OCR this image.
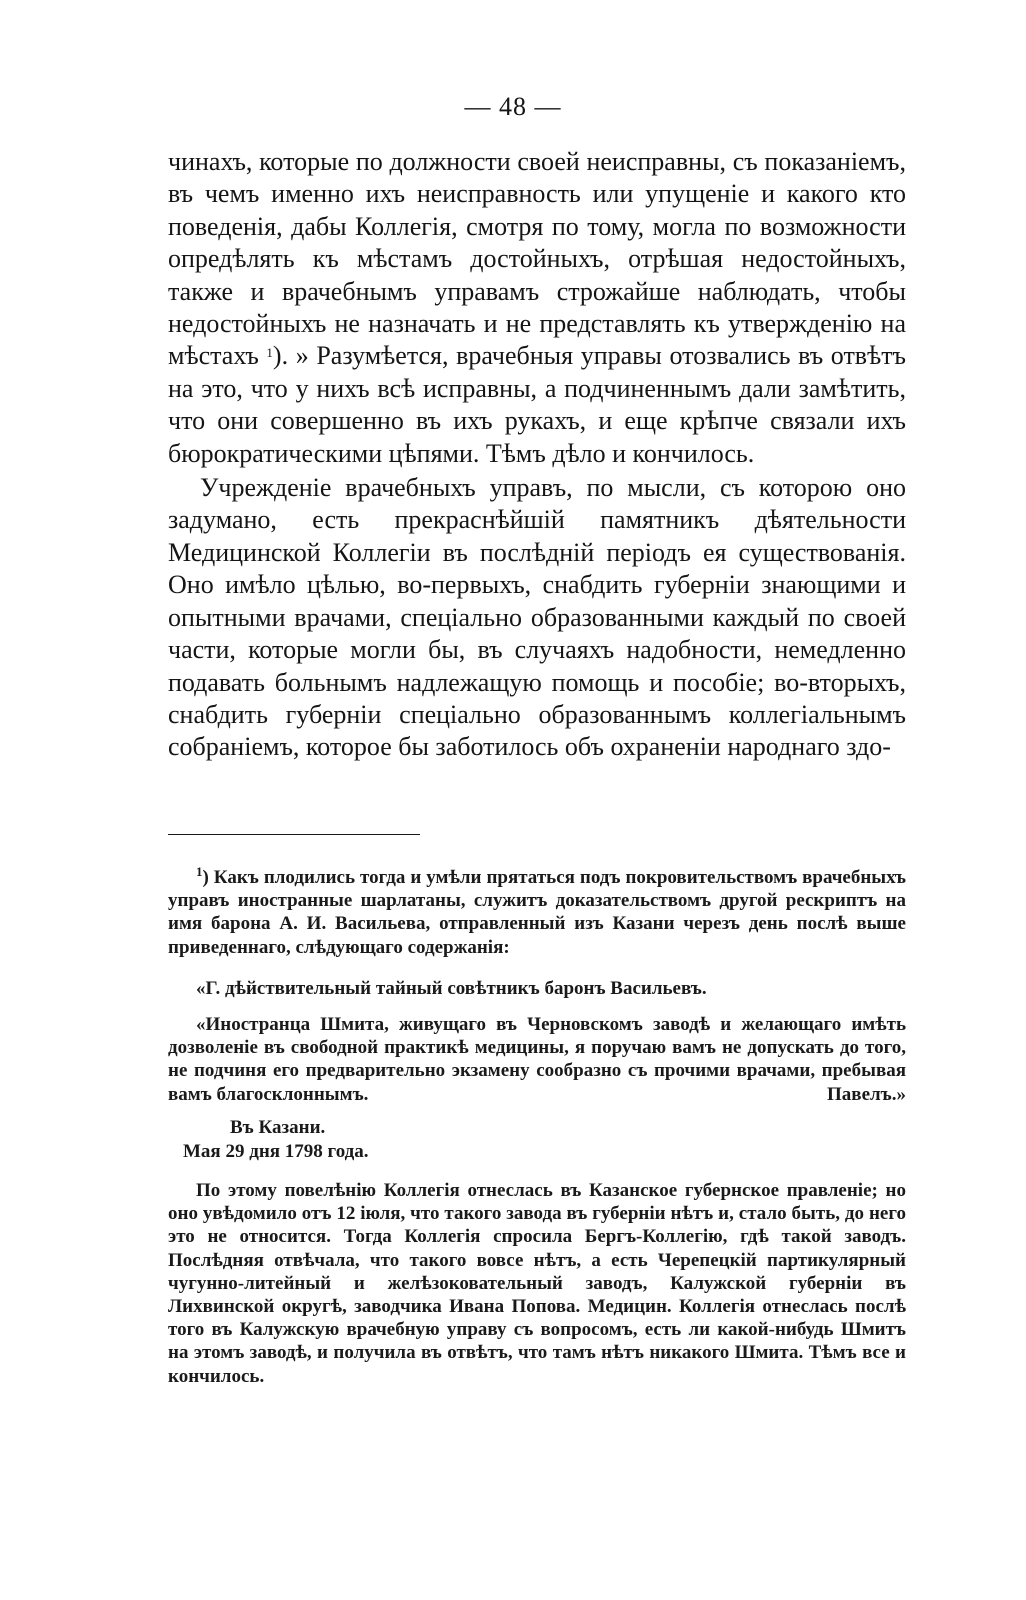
— 48 —

чинахъ, которые по должности своей неисправны, съ показаніемъ, въ чемъ именно ихъ неисправность или упущеніе и какого кто поведенія, дабы Коллегія, смотря по тому, могла по возможности опредѣлять къ мѣстамъ достойныхъ, отрѣшая недостойныхъ, также и врачебнымъ управамъ строжайше наблюдать, чтобы недостойныхъ не назначать и не представлять къ утвержденію на мѣстахъ $^1$). » Разумѣется, врачебныя управы отозвались въ отвѣтъ на это, что у нихъ всѣ исправны, а подчиненнымъ дали замѣтить, что они совершенно въ ихъ рукахъ, и еще крѣпче связали ихъ бюрократическими цѣпями. Тѣмъ дѣло и кончилось.

Учрежденіе врачебныхъ управъ, по мысли, съ которою оно задумано, есть прекраснѣйшій памятникъ дѣятельности Медицинской Коллегіи въ послѣдній періодъ ея существованія. Оно имѣло цѣлью, во-первыхъ, снабдить губерніи знающими и опытными врачами, спеціально образованными каждый по своей части, которые могли бы, въ случаяхъ надобности, немедленно подавать больнымъ надлежащую помощь и пособіе; во-вторыхъ, снабдить губерніи спеціально образованнымъ коллегіальнымъ собраніемъ, которое бы заботилось объ охраненіи народнаго здо-

$^1$) Какъ плодились тогда и умѣли прятаться подъ покровительствомъ врачебныхъ управъ иностранные шарлатаны, служитъ доказательствомъ другой рескриптъ на имя барона А. И. Васильева, отправленный изъ Казани черезъ день послѣ выше приведеннаго, слѣдующаго содержанія:

«Г. дѣйствительный тайный совѣтникъ баронъ Васильевъ.

«Иностранца Шмита, живущаго въ Черновскомъ заводѣ и желающаго имѣть дозволеніе въ свободной практикѣ медицины, я поручаю вамъ не допускать до того, не подчиня его предварительно экзамену сообразно съ прочими врачами, пребывая вамъ благосклоннымъ.	Павелъ.»

Въ Казани.
Мая 29 дня 1798 года.

По этому повелѣнію Коллегія отнеслась въ Казанское губернское правленіе; но оно увѣдомило отъ 12 іюля, что такого завода въ губерніи нѣтъ и, стало быть, до него это не относится. Тогда Коллегія спросила Бергъ-Коллегію, гдѣ такой заводъ. Послѣдняя отвѣчала, что такого вовсе нѣтъ, а есть Черепецкій партикулярный чугунно-литейный и желѣзоковательный заводъ, Калужской губерніи въ Лихвинской округѣ, заводчика Ивана Попова. Медицин. Коллегія отнеслась послѣ того въ Калужскую врачебную управу съ вопросомъ, есть ли какой-нибудь Шмитъ на этомъ заводѣ, и получила въ отвѣтъ, что тамъ нѣтъ никакого Шмита. Тѣмъ все и кончилось.
